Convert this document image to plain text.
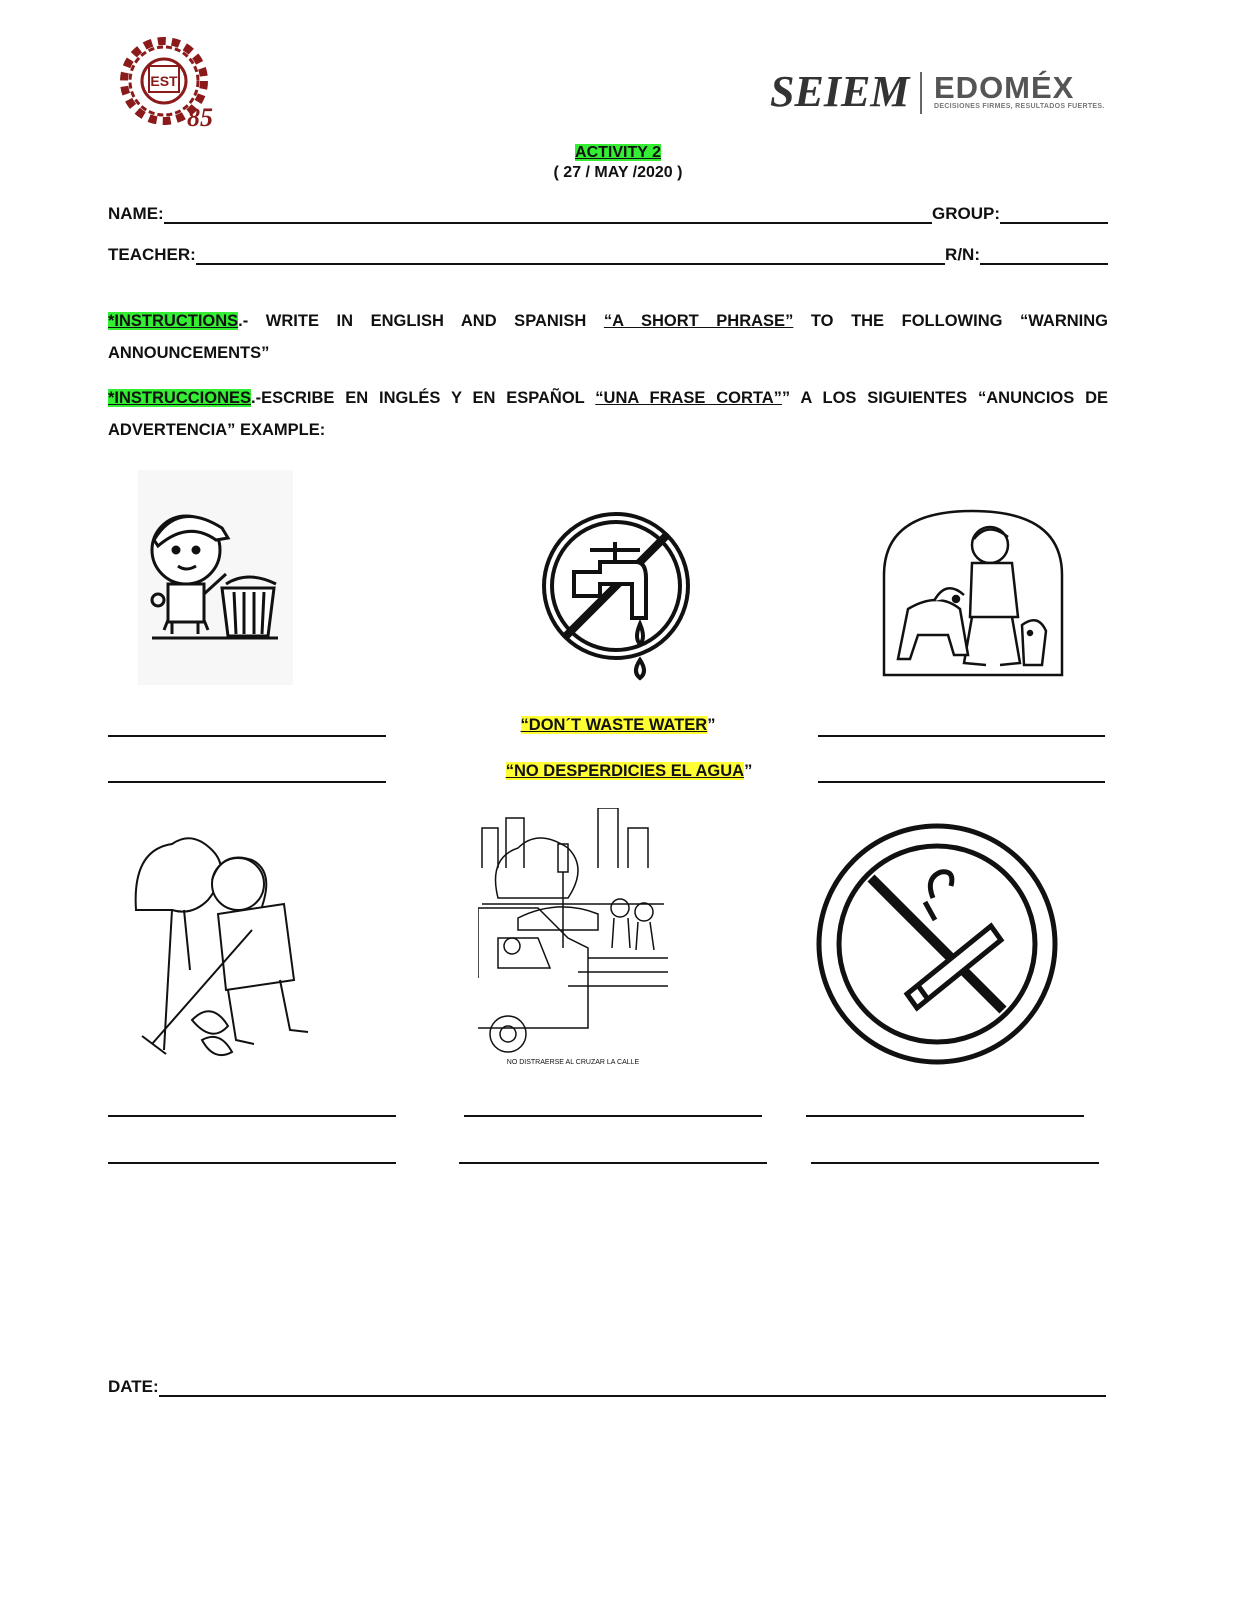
EST
85
SEIEM EDOMÉX
DECISIONES FIRMES, RESULTADOS FUERTES.
ACTIVITY 2
( 27 / MAY /2020 )
NAME:	GROUP:
TEACHER:	R/N:
*INSTRUCTIONS.- WRITE IN ENGLISH AND SPANISH “A SHORT PHRASE” TO THE FOLLOWING “WARNING ANNOUNCEMENTS”
*INSTRUCCIONES.-ESCRIBE EN INGLÉS Y EN ESPAÑOL “UNA FRASE CORTA”” A LOS SIGUIENTES “ANUNCIOS DE ADVERTENCIA” EXAMPLE:
“DON´T WASTE WATER”
“NO DESPERDICIES EL AGUA”
NO DISTRAERSE AL CRUZAR LA CALLE
DATE:
